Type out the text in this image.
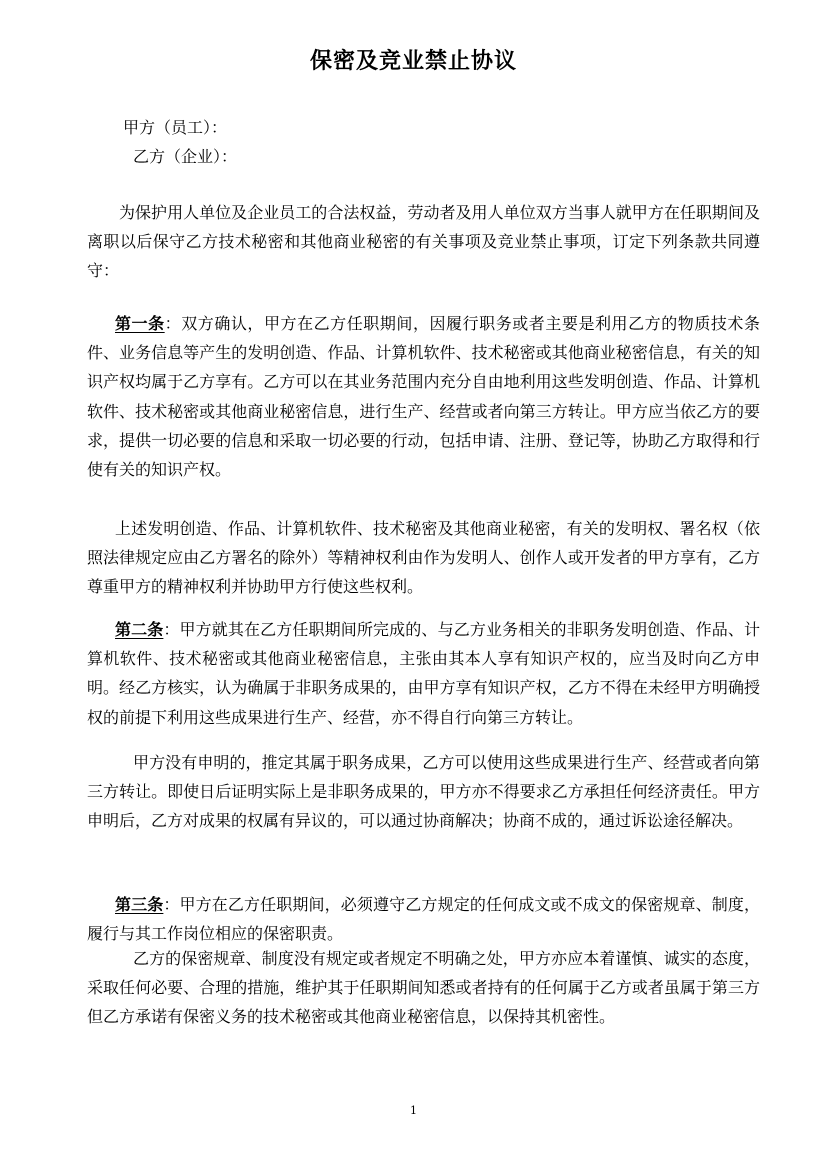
保密及竞业禁止协议
甲方（员工）：
乙方（企业）：

为保护用人单位及企业员工的合法权益，劳动者及用人单位双方当事人就甲方在任职期间及离职以后保守乙方技术秘密和其他商业秘密的有关事项及竞业禁止事项，订定下列条款共同遵守：

第一条：双方确认，甲方在乙方任职期间，因履行职务或者主要是利用乙方的物质技术条件、业务信息等产生的发明创造、作品、计算机软件、技术秘密或其他商业秘密信息，有关的知识产权均属于乙方享有。乙方可以在其业务范围内充分自由地利用这些发明创造、作品、计算机软件、技术秘密或其他商业秘密信息，进行生产、经营或者向第三方转让。甲方应当依乙方的要求，提供一切必要的信息和采取一切必要的行动，包括申请、注册、登记等，协助乙方取得和行使有关的知识产权。

上述发明创造、作品、计算机软件、技术秘密及其他商业秘密，有关的发明权、署名权（依照法律规定应由乙方署名的除外）等精神权利由作为发明人、创作人或开发者的甲方享有，乙方尊重甲方的精神权利并协助甲方行使这些权利。

第二条：甲方就其在乙方任职期间所完成的、与乙方业务相关的非职务发明创造、作品、计算机软件、技术秘密或其他商业秘密信息，主张由其本人享有知识产权的，应当及时向乙方申明。经乙方核实，认为确属于非职务成果的，由甲方享有知识产权，乙方不得在未经甲方明确授权的前提下利用这些成果进行生产、经营，亦不得自行向第三方转让。

甲方没有申明的，推定其属于职务成果，乙方可以使用这些成果进行生产、经营或者向第三方转让。即使日后证明实际上是非职务成果的，甲方亦不得要求乙方承担任何经济责任。甲方申明后，乙方对成果的权属有异议的，可以通过协商解决；协商不成的，通过诉讼途径解决。

第三条：甲方在乙方任职期间，必须遵守乙方规定的任何成文或不成文的保密规章、制度，履行与其工作岗位相应的保密职责。

乙方的保密规章、制度没有规定或者规定不明确之处，甲方亦应本着谨慎、诚实的态度，采取任何必要、合理的措施，维护其于任职期间知悉或者持有的任何属于乙方或者虽属于第三方但乙方承诺有保密义务的技术秘密或其他商业秘密信息，以保持其机密性。

1
